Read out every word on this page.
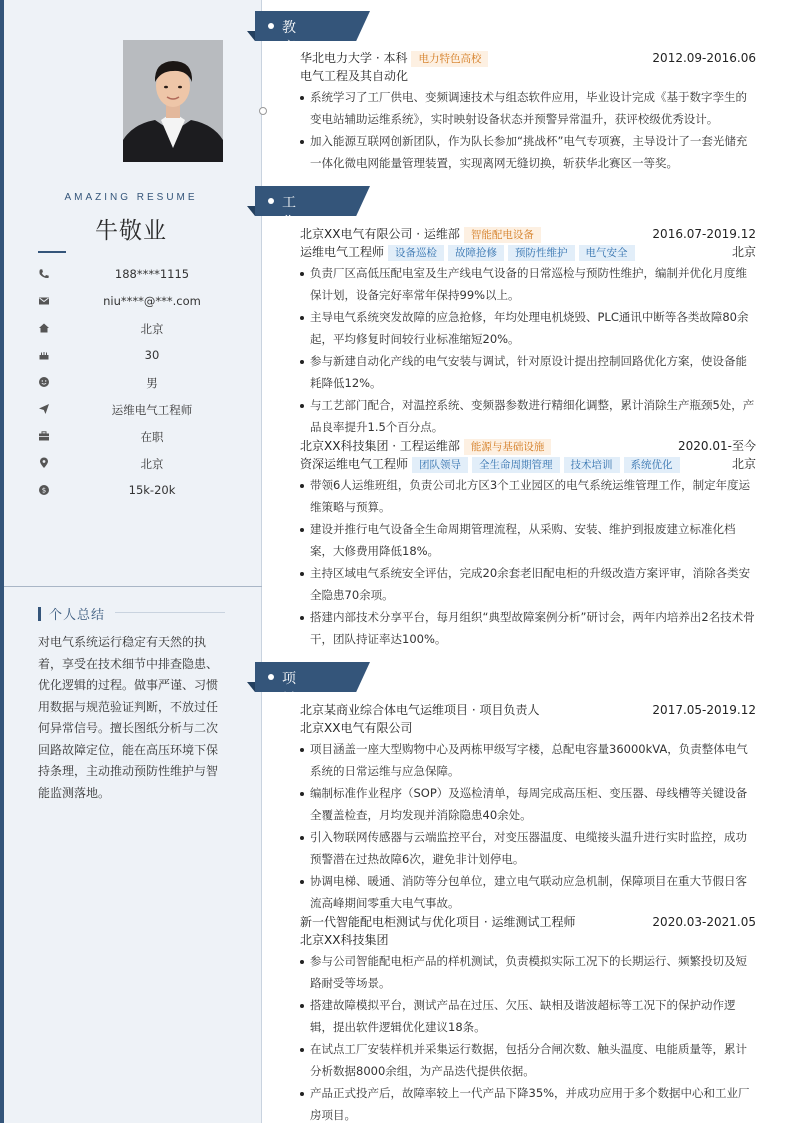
AMAZING RESUME
牛敬业
188****1115
niu****@***.com
北京
30
男
运维电气工程师
在职
北京
$	15k-20k
个人总结
对电气系统运行稳定有天然的执着，享受在技术细节中排查隐患、优化逻辑的过程。做事严谨、习惯用数据与规范验证判断，不放过任何异常信号。擅长图纸分析与二次回路故障定位，能在高压环境下保持条理，主动推动预防性维护与智能监测落地。
教育经历
华北电力大学 · 本科 电力特色高校	2012.09-2016.06
电气工程及其自动化
系统学习了工厂供电、变频调速技术与组态软件应用，毕业设计完成《基于数字孪生的变电站辅助运维系统》，实时映射设备状态并预警异常温升，获评校级优秀设计。
加入能源互联网创新团队，作为队长参加“挑战杯”电气专项赛，主导设计了一套光储充一体化微电网能量管理装置，实现离网无缝切换，斩获华北赛区一等奖。
工作经历
北京XX电气有限公司 · 运维部 智能配电设备	2016.07-2019.12
运维电气工程师 设备巡检 故障抢修 预防性维护 电气安全	北京
负责厂区高低压配电室及生产线电气设备的日常巡检与预防性维护，编制并优化月度维保计划，设备完好率常年保持99%以上。
主导电气系统突发故障的应急抢修，年均处理电机烧毁、PLC通讯中断等各类故障80余起，平均修复时间较行业标准缩短20%。
参与新建自动化产线的电气安装与调试，针对原设计提出控制回路优化方案，使设备能耗降低12%。
与工艺部门配合，对温控系统、变频器参数进行精细化调整，累计消除生产瓶颈5处，产品良率提升1.5个百分点。
北京XX科技集团 · 工程运维部 能源与基础设施	2020.01-至今
资深运维电气工程师 团队领导 全生命周期管理 技术培训 系统优化	北京
带领6人运维班组，负责公司北方区3个工业园区的电气系统运维管理工作，制定年度运维策略与预算。
建设并推行电气设备全生命周期管理流程，从采购、安装、维护到报废建立标准化档案，大修费用降低18%。
主持区域电气系统安全评估，完成20余套老旧配电柜的升级改造方案评审，消除各类安全隐患70余项。
搭建内部技术分享平台，每月组织“典型故障案例分析”研讨会，两年内培养出2名技术骨干，团队持证率达100%。
项目经历
北京某商业综合体电气运维项目 · 项目负责人	2017.05-2019.12
北京XX电气有限公司
项目涵盖一座大型购物中心及两栋甲级写字楼，总配电容量36000kVA，负责整体电气系统的日常运维与应急保障。
编制标准作业程序（SOP）及巡检清单，每周完成高压柜、变压器、母线槽等关键设备全覆盖检查，月均发现并消除隐患40余处。
引入物联网传感器与云端监控平台，对变压器温度、电缆接头温升进行实时监控，成功预警潜在过热故障6次，避免非计划停电。
协调电梯、暖通、消防等分包单位，建立电气联动应急机制，保障项目在重大节假日客流高峰期间零重大电气事故。
新一代智能配电柜测试与优化项目 · 运维测试工程师	2020.03-2021.05
北京XX科技集团
参与公司智能配电柜产品的样机测试，负责模拟实际工况下的长期运行、频繁投切及短路耐受等场景。
搭建故障模拟平台，测试产品在过压、欠压、缺相及谐波超标等工况下的保护动作逻辑，提出软件逻辑优化建议18条。
在试点工厂安装样机并采集运行数据，包括分合闸次数、触头温度、电能质量等，累计分析数据8000余组，为产品迭代提供依据。
产品正式投产后，故障率较上一代产品下降35%，并成功应用于多个数据中心和工业厂房项目。
